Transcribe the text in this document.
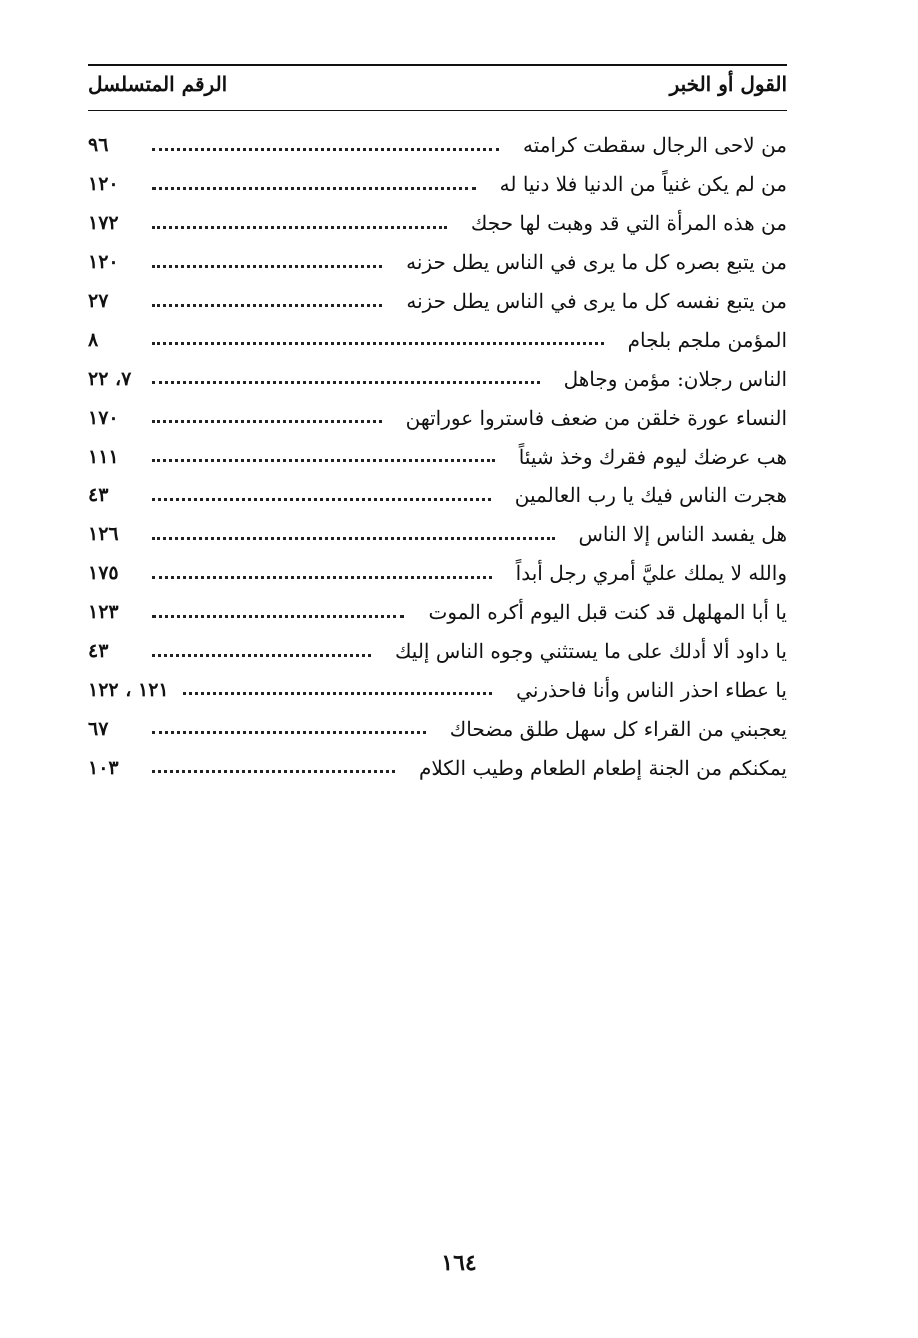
القول أو الخبر
الرقم المتسلسل
من لاحى الرجال سقطت كرامته
٩٦
من لم يكن غنياً من الدنيا فلا دنيا له
١٢٠
من هذه المرأة التي قد وهبت لها حجك
١٧٢
من يتبع بصره كل ما يرى في الناس يطل حزنه
١٢٠
من يتبع نفسه كل ما يرى في الناس يطل حزنه
٢٧
المؤمن ملجم بلجام
٨
الناس رجلان: مؤمن وجاهل
٧، ٢٢
النساء عورة خلقن من ضعف فاستروا عوراتهن
١٧٠
هب عرضك ليوم فقرك وخذ شيئاً
١١١
هجرت الناس فيك يا رب العالمين
٤٣
هل يفسد الناس إلا الناس
١٢٦
والله لا يملك عليَّ أمري رجل أبداً
١٧٥
يا أبا المهلهل قد كنت قبل اليوم أكره الموت
١٢٣
يا داود ألا أدلك على ما يستثني وجوه الناس إليك
٤٣
يا عطاء احذر الناس وأنا فاحذرني
١٢١ ، ١٢٢
يعجبني من القراء كل سهل طلق مضحاك
٦٧
يمكنكم من الجنة إطعام الطعام وطيب الكلام
١٠٣
١٦٤
